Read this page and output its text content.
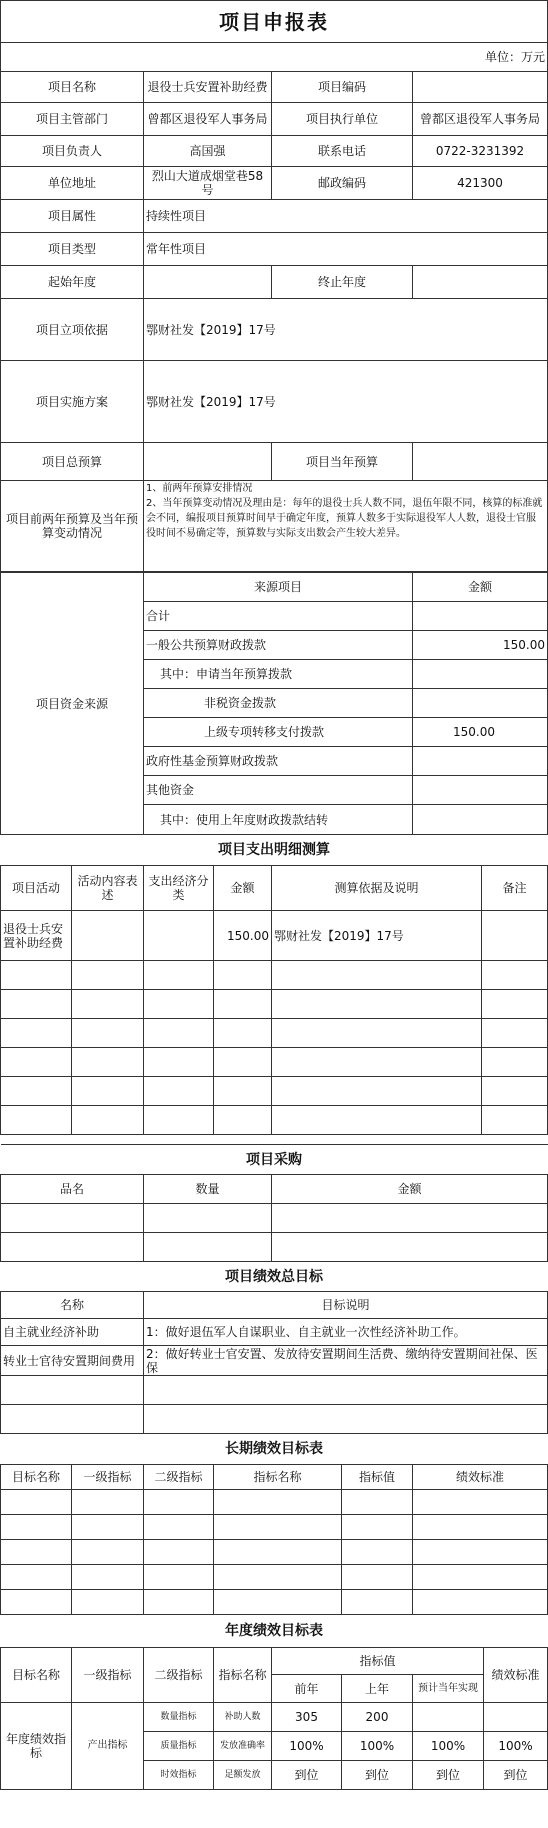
项目申报表			
单位：万元			
项目名称	退役士兵安置补助经费	项目编码	
项目主管部门	曾都区退役军人事务局	项目执行单位	曾都区退役军人事务局
项目负责人	高国强	联系电话	0722-3231392
单位地址	烈山大道成烟堂巷58号	邮政编码	421300
项目属性	持续性项目		
项目类型	常年性项目		
起始年度		终止年度	
项目立项依据	鄂财社发【2019】17号		
项目实施方案	鄂财社发【2019】17号		
项目总预算		项目当年预算	
项目前两年预算及当年预算变动情况	1、前两年预算安排情况
2、当年预算变动情况及理由是：每年的退役士兵人数不同，退伍年限不同，核算的标准就会不同，编报项目预算时间早于确定年度，预算人数多于实际退役军人人数，退役士官服役时间不易确定等，预算数与实际支出数会产生较大差异。		
项目资金来源	来源项目	金额
	合计	
	一般公共预算财政拨款	150.00
	其中：申请当年预算拨款	
	非税资金拨款	
	上级专项转移支付拨款	150.00
	政府性基金预算财政拨款	
	其他资金	
	其中：使用上年度财政拨款结转	
项目支出明细测算					
项目活动	活动内容表述	支出经济分类	金额	测算依据及说明	备注
退役士兵安置补助经费			150.00	鄂财社发【2019】17号	

项目采购		
品名	数量	金额

项目绩效总目标	
名称	目标说明
自主就业经济补助	1：做好退伍军人自谋职业、自主就业一次性经济补助工作。
转业士官待安置期间费用	2：做好转业士官安置、发放待安置期间生活费、缴纳待安置期间社保、医保

长期绩效目标表					
目标名称	一级指标	二级指标	指标名称	指标值	绩效标准

年度绩效目标表							
目标名称	一级指标	二级指标	指标名称	指标值			绩效标准
				前年	上年	预计当年实现	
年度绩效指　标	产出指标	数量指标	补助人数	305	200		
		质量指标	发放准确率	100%	100%	100%	100%
		时效指标	足额发放	到位	到位	到位	到位
